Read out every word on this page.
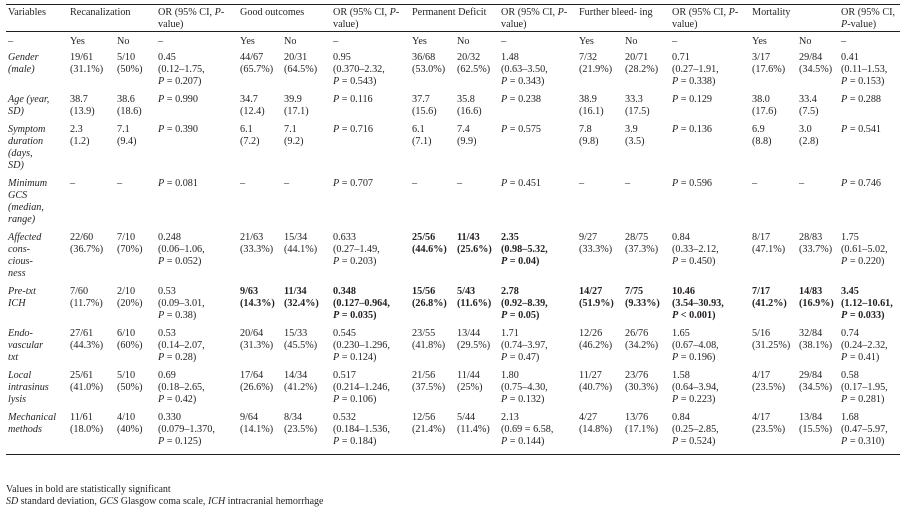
Variables	Recanalization		OR (95% CI, P-value)	Good outcomes		OR (95% CI, P-value)	Permanent Deficit		OR (95% CI, P-value)	Further bleed- ing		OR (95% CI, P-value)	Mortality		OR (95% CI, P-value)
–	Yes	No	–	Yes	No	–	Yes	No	–	Yes	No	–	Yes	No	–

Gender
(male)	19/61
(31.1%)	5/10
(50%)	0.45
(0.12–1.75,
P = 0.207)	44/67
(65.7%)	20/31
(64.5%)	0.95
(0.370–2.32,
P = 0.543)	36/68
(53.0%)	20/32
(62.5%)	1.48
(0.63–3.50,
P = 0.343)	7/32
(21.9%)	20/71
(28.2%)	0.71
(0.27–1.91,
P = 0.338)	3/17
(17.6%)	29/84
(34.5%)	0.41
(0.11–1.53,
P = 0.153)

Age (year,
SD)	38.7
(13.9)	38.6
(18.6)	P = 0.990	34.7
(12.4)	39.9
(17.1)	P = 0.116	37.7
(15.6)	35.8
(16.6)	P = 0.238	38.9
(16.1)	33.3
(17.5)	P = 0.129	38.0
(17.6)	33.4
(7.5)	P = 0.288

Symptom
duration
(days,
SD)	2.3
(1.2)	7.1
(9.4)	P = 0.390	6.1
(7.2)	7.1
(9.2)	P = 0.716	6.1
(7.1)	7.4
(9.9)	P = 0.575	7.8
(9.8)	3.9
(3.5)	P = 0.136	6.9
(8.8)	3.0
(2.8)	P = 0.541

Minimum
GCS
(median,
range)	–	–	P = 0.081	–	–	P = 0.707	–	–	P = 0.451	–	–	P = 0.596	–	–	P = 0.746

Affected
cons-
cious-
ness	22/60
(36.7%)	7/10
(70%)	0.248
(0.06–1.06,
P = 0.052)	21/63
(33.3%)	15/34
(44.1%)	0.633
(0.27–1.49,
P = 0.203)	25/56
(44.6%)	11/43
(25.6%)	2.35
(0.98–5.32,
P = 0.04)	9/27
(33.3%)	28/75
(37.3%)	0.84
(0.33–2.12,
P = 0.450)	8/17
(47.1%)	28/83
(33.7%)	1.75
(0.61–5.02,
P = 0.220)

Pre-txt
ICH	7/60
(11.7%)	2/10
(20%)	0.53
(0.09–3.01,
P = 0.38)	9/63
(14.3%)	11/34
(32.4%)	0.348
(0.127–0.964,
P = 0.035)	15/56
(26.8%)	5/43
(11.6%)	2.78
(0.92–8.39,
P = 0.05)	14/27
(51.9%)	7/75
(9.33%)	10.46
(3.54–30.93,
P < 0.001)	7/17
(41.2%)	14/83
(16.9%)	3.45
(1.12–10.61,
P = 0.033)

Endo-
vascular
txt	27/61
(44.3%)	6/10
(60%)	0.53
(0.14–2.07,
P = 0.28)	20/64
(31.3%)	15/33
(45.5%)	0.545
(0.230–1.296,
P = 0.124)	23/55
(41.8%)	13/44
(29.5%)	1.71
(0.74–3.97,
P = 0.47)	12/26
(46.2%)	26/76
(34.2%)	1.65
(0.67–4.08,
P = 0.196)	5/16
(31.25%)	32/84
(38.1%)	0.74
(0.24–2.32,
P = 0.41)

Local
intrasinus
lysis	25/61
(41.0%)	5/10
(50%)	0.69
(0.18–2.65,
P = 0.42)	17/64
(26.6%)	14/34
(41.2%)	0.517
(0.214–1.246,
P = 0.106)	21/56
(37.5%)	11/44
(25%)	1.80
(0.75–4.30,
P = 0.132)	11/27
(40.7%)	23/76
(30.3%)	1.58
(0.64–3.94,
P = 0.223)	4/17
(23.5%)	29/84
(34.5%)	0.58
(0.17–1.95,
P = 0.281)

Mechanical
methods	11/61
(18.0%)	4/10
(40%)	0.330
(0.079–1.370,
P = 0.125)	9/64
(14.1%)	8/34
(23.5%)	0.532
(0.184–1.536,
P = 0.184)	12/56
(21.4%)	5/44
(11.4%)	2.13
(0.69 = 6.58,
P = 0.144)	4/27
(14.8%)	13/76
(17.1%)	0.84
(0.25–2.85,
P = 0.524)	4/17
(23.5%)	13/84
(15.5%)	1.68
(0.47–5.97,
P = 0.310)
Values in bold are statistically significant
SD standard deviation, GCS Glasgow coma scale, ICH intracranial hemorrhage
